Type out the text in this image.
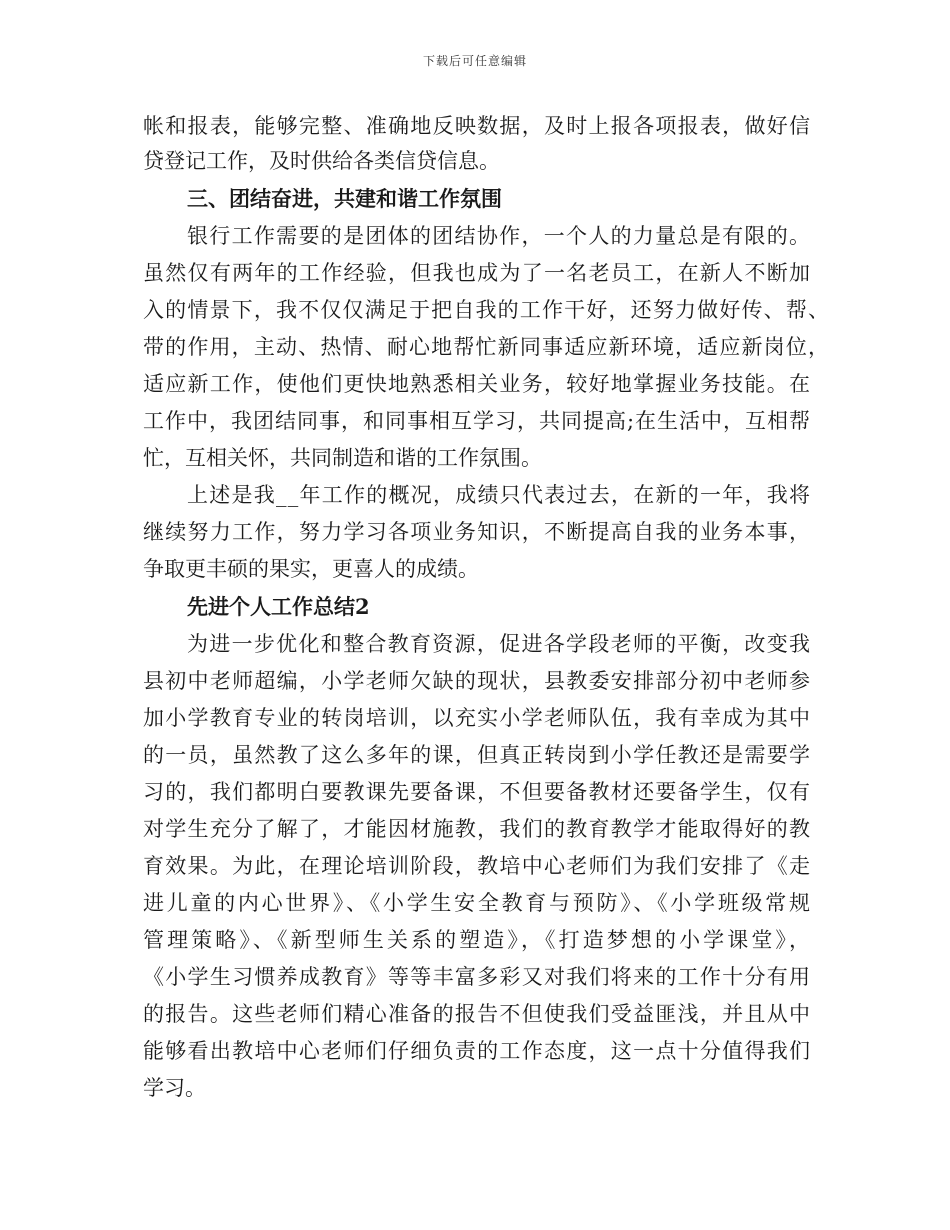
下载后可任意编辑
帐和报表，能够完整、准确地反映数据，及时上报各项报表，做好信
贷登记工作，及时供给各类信贷信息。
三、团结奋进，共建和谐工作氛围
银行工作需要的是团体的团结协作，一个人的力量总是有限的。
虽然仅有两年的工作经验，但我也成为了一名老员工，在新人不断加
入的情景下，我不仅仅满足于把自我的工作干好，还努力做好传、帮、
带的作用，主动、热情、耐心地帮忙新同事适应新环境，适应新岗位，
适应新工作，使他们更快地熟悉相关业务，较好地掌握业务技能。在
工作中，我团结同事，和同事相互学习，共同提高;在生活中，互相帮
忙，互相关怀，共同制造和谐的工作氛围。
上述是我__年工作的概况，成绩只代表过去，在新的一年，我将
继续努力工作，努力学习各项业务知识，不断提高自我的业务本事，
争取更丰硕的果实，更喜人的成绩。
先进个人工作总结2
为进一步优化和整合教育资源，促进各学段老师的平衡，改变我
县初中老师超编，小学老师欠缺的现状，县教委安排部分初中老师参
加小学教育专业的转岗培训，以充实小学老师队伍，我有幸成为其中
的一员，虽然教了这么多年的课，但真正转岗到小学任教还是需要学
习的，我们都明白要教课先要备课，不但要备教材还要备学生，仅有
对学生充分了解了，才能因材施教，我们的教育教学才能取得好的教
育效果。为此，在理论培训阶段，教培中心老师们为我们安排了《走
进儿童的内心世界》、《小学生安全教育与预防》、《小学班级常规
管理策略》、《新型师生关系的塑造》，《打造梦想的小学课堂》，
《小学生习惯养成教育》等等丰富多彩又对我们将来的工作十分有用
的报告。这些老师们精心准备的报告不但使我们受益匪浅，并且从中
能够看出教培中心老师们仔细负责的工作态度，这一点十分值得我们
学习。
